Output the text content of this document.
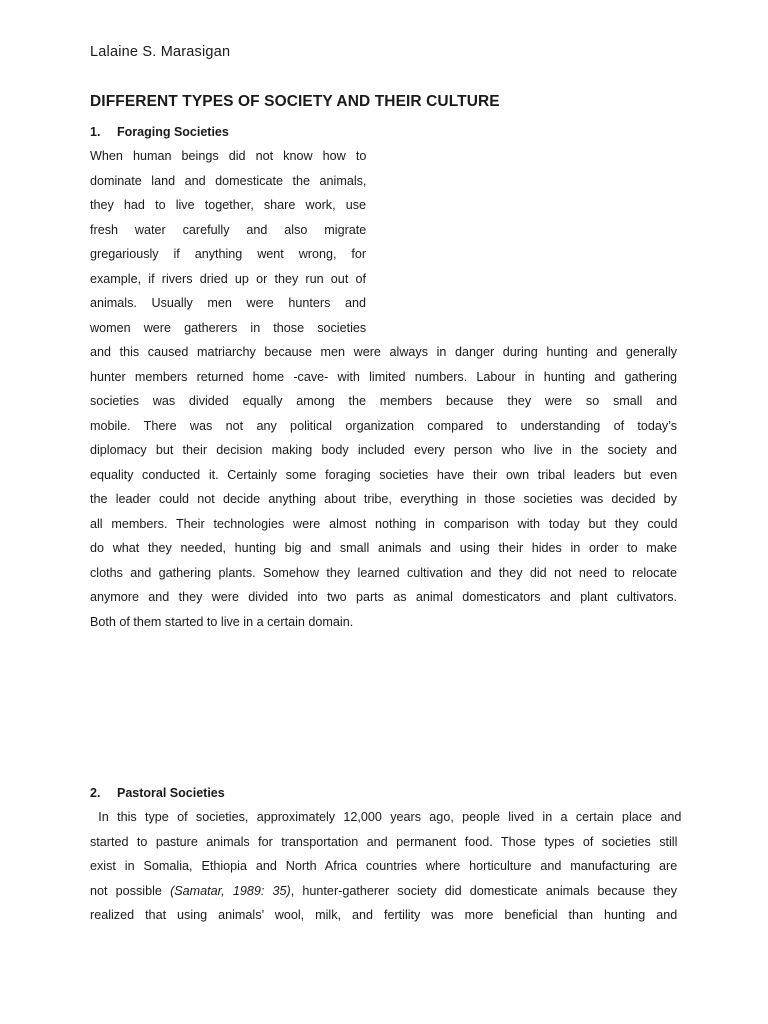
Lalaine S. Marasigan
DIFFERENT TYPES OF SOCIETY AND THEIR CULTURE
1. Foraging Societies
When human beings did not know how to
dominate land and domesticate the animals,
they had to live together, share work, use
fresh water carefully and also migrate
gregariously if anything went wrong, for
example, if rivers dried up or they run out of
animals. Usually men were hunters and
women were gatherers in those societies
and this caused matriarchy because men were always in danger during hunting and generally
hunter members returned home -cave- with limited numbers. Labour in hunting and gathering
societies was divided equally among the members because they were so small and
mobile. There was not any political organization compared to understanding of today’s
diplomacy but their decision making body included every person who live in the society and
equality conducted it. Certainly some foraging societies have their own tribal leaders but even
the leader could not decide anything about tribe, everything in those societies was decided by
all members. Their technologies were almost nothing in comparison with today but they could
do what they needed, hunting big and small animals and using their hides in order to make
cloths and gathering plants. Somehow they learned cultivation and they did not need to relocate
anymore and they were divided into two parts as animal domesticators and plant cultivators.
Both of them started to live in a certain domain.
2. Pastoral Societies
In this type of societies, approximately 12,000 years ago, people lived in a certain place and
started to pasture animals for transportation and permanent food. Those types of societies still
exist in Somalia, Ethiopia and North Africa countries where horticulture and manufacturing are
not possible (Samatar, 1989: 35), hunter-gatherer society did domesticate animals because they
realized that using animals’ wool, milk, and fertility was more beneficial than hunting and
